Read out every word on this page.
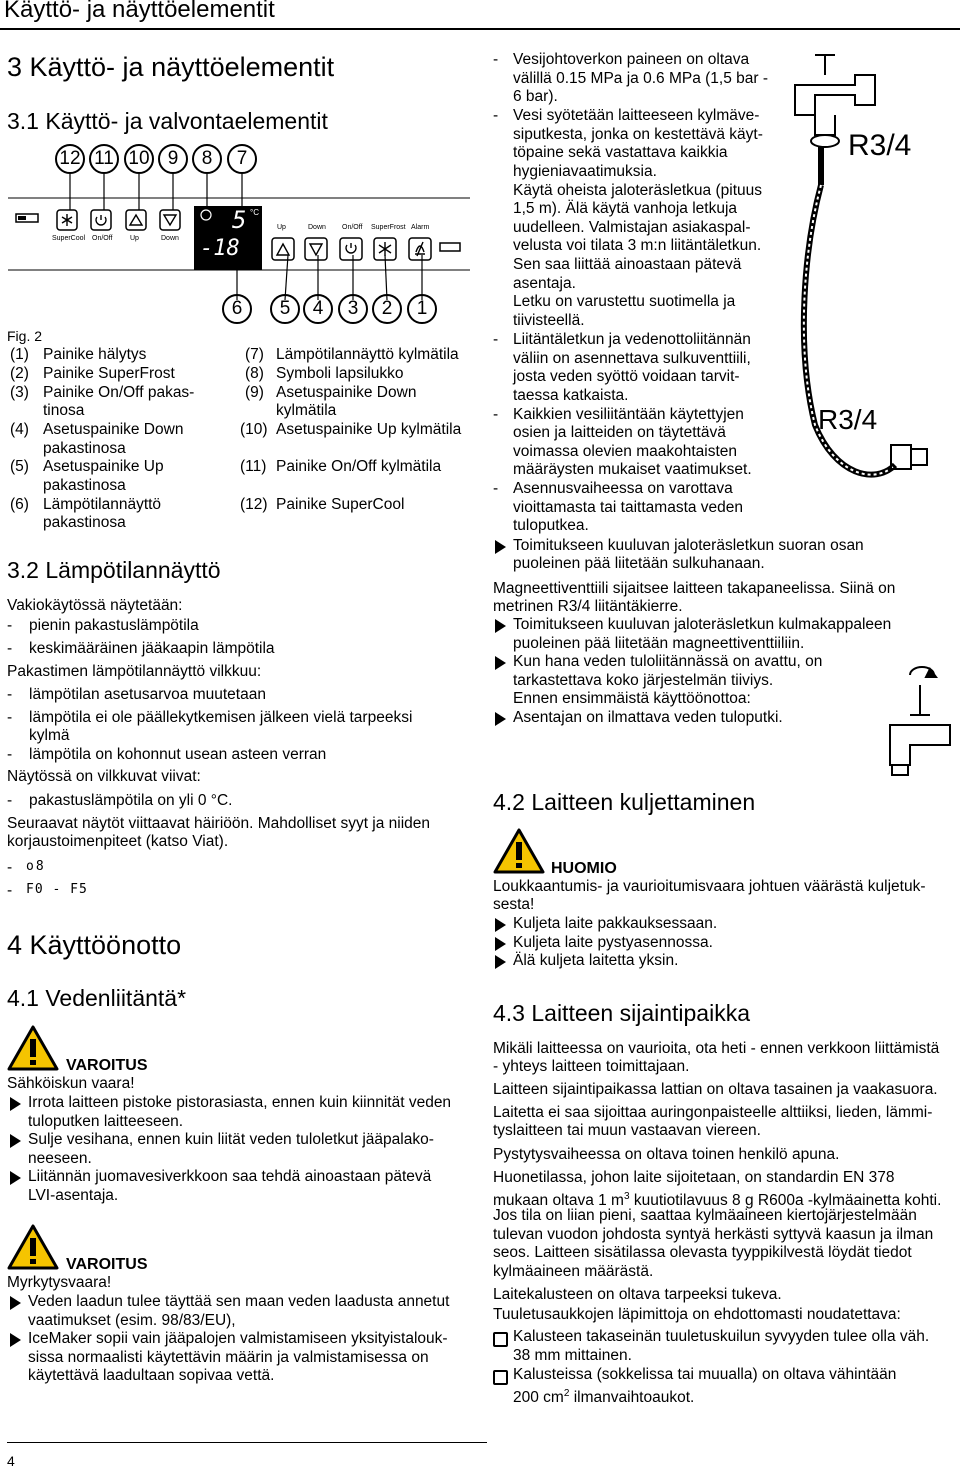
Käyttö- ja näyttöelementit
3 Käyttö- ja näyttöelementit
3.1 Käyttö- ja valvontaelementit
12 11 10 9	8	7
5 °C
-18
SuperCool On/Off	Up	Down
Up	Down On/Off SuperFrost Alarm
6	5	4	3	2	1
Fig. 2
(1) Painike hälytys
(2) Painike SuperFrost
(3) Painike On/Off pakas-
tinosa
(4) Asetuspainike Down
pakastinosa
(5) Asetuspainike Up
pakastinosa
(6) Lämpötilannäyttö
pakastinosa
(7) Lämpötilannäyttö kylmätila
(8) Symboli lapsilukko
(9) Asetuspainike Down
kylmätila
(10) Asetuspainike Up kylmätila
(11) Painike On/Off kylmätila
(12) Painike SuperCool
3.2 Lämpötilannäyttö
Vakiokäytössä näytetään:
- pienin pakastuslämpötila
- keskimääräinen jääkaapin lämpötila
Pakastimen lämpötilannäyttö vilkkuu:
- lämpötilan asetusarvoa muutetaan
- lämpötila ei ole päällekytkemisen jälkeen vielä tarpeeksi
kylmä
- lämpötila on kohonnut usean asteen verran
Näytössä on vilkkuvat viivat:
- pakastuslämpötila on yli 0 °C.
Seuraavat näytöt viittaavat häiriöön. Mahdolliset syyt ja niiden
korjaustoimenpiteet (katso Viat).
- o8
- F0 - F5
4 Käyttöönotto
4.1 Vedenliitäntä*
VAROITUS
Sähköiskun vaara!
Irrota laitteen pistoke pistorasiasta, ennen kuin kiinnität veden
tuloputken laitteeseen.
Sulje vesihana, ennen kuin liität veden tuloletkut jääpalako-
neeseen.
Liitännän juomavesiverkkoon saa tehdä ainoastaan pätevä
LVI-asentaja.
VAROITUS
Myrkytysvaara!
Veden laadun tulee täyttää sen maan veden laadusta annetut
vaatimukset (esim. 98/83/EU),
IceMaker sopii vain jääpalojen valmistamiseen yksityistalouk-
sissa normaalisti käytettävin määrin ja valmistamisessa on
käytettävä laadultaan sopivaa vettä.
4
- Vesijohtoverkon paineen on oltava
välillä 0.15 MPa ja 0.6 MPa (1,5 bar -
6 bar).
- Vesi syötetään laitteeseen kylmäve-
siputkesta, jonka on kestettävä käyt-
töpaine sekä vastattava kaikkia
hygieniavaatimuksia.
Käytä oheista jaloteräsletkua (pituus
1,5 m). Älä käytä vanhoja letkuja
uudelleen. Valmistajan asiakaspal-
velusta voi tilata 3 m:n liitäntäletkun.
Sen saa liittää ainoastaan pätevä
asentaja.
Letku on varustettu suotimella ja
tiivisteellä.
- Liitäntäletkun ja vedenottoliitännän
väliin on asennettava sulkuventtiili,
josta veden syöttö voidaan tarvit-
taessa katkaista.
- Kaikkien vesiliitäntään käytettyjen
osien ja laitteiden on täytettävä
voimassa olevien maakohtaisten
määräysten mukaiset vaatimukset.
- Asennusvaiheessa on varottava
vioittamasta tai taittamasta veden
tuloputkea.
R3/4
R3/4
Toimitukseen kuuluvan jaloteräsletkun suoran osan
puoleinen pää liitetään sulkuhanaan.
Magneettiventtiili sijaitsee laitteen takapaneelissa. Siinä on
metrinen R3/4 liitäntäkierre.
Toimitukseen kuuluvan jaloteräsletkun kulmakappaleen
puoleinen pää liitetään magneettiventtiiliin.
Kun hana veden tuloliitännässä on avattu, on
tarkastettava koko järjestelmän tiiviys.
Ennen ensimmäistä käyttöönottoa:
Asentajan on ilmattava veden tuloputki.
4.2 Laitteen kuljettaminen
HUOMIO
Loukkaantumis- ja vaurioitumisvaara johtuen väärästä kuljetuk-
sesta!
Kuljeta laite pakkauksessaan.
Kuljeta laite pystyasennossa.
Älä kuljeta laitetta yksin.
4.3 Laitteen sijaintipaikka
Mikäli laitteessa on vaurioita, ota heti - ennen verkkoon liittämistä
- yhteys laitteen toimittajaan.
Laitteen sijaintipaikassa lattian on oltava tasainen ja vaakasuora.
Laitetta ei saa sijoittaa auringonpaisteelle alttiiksi, lieden, lämmi-
tyslaitteen tai muun vastaavan viereen.
Pystytysvaiheessa on oltava toinen henkilö apuna.
Huonetilassa, johon laite sijoitetaan, on standardin EN 378
mukaan oltava 1 $m^3$ kuutiotilavuus 8 g R600a -kylmäainetta kohti.
Jos tila on liian pieni, saattaa kylmäaineen kiertojärjestelmään
tulevan vuodon johdosta syntyä herkästi syttyvä kaasun ja ilman
seos. Laitteen sisätilassa olevasta tyyppikilvestä löydät tiedot
kylmäaineen määrästä.
Laitekalusteen on oltava tarpeeksi tukeva.
Tuuletusaukkojen läpimittoja on ehdottomasti noudatettava:
Kalusteen takaseinän tuuletuskuilun syvyyden tulee olla väh.
38 mm mittainen.
Kalusteissa (sokkelissa tai muualla) on oltava vähintään
200 $cm^2$ ilmanvaihtoaukot.
